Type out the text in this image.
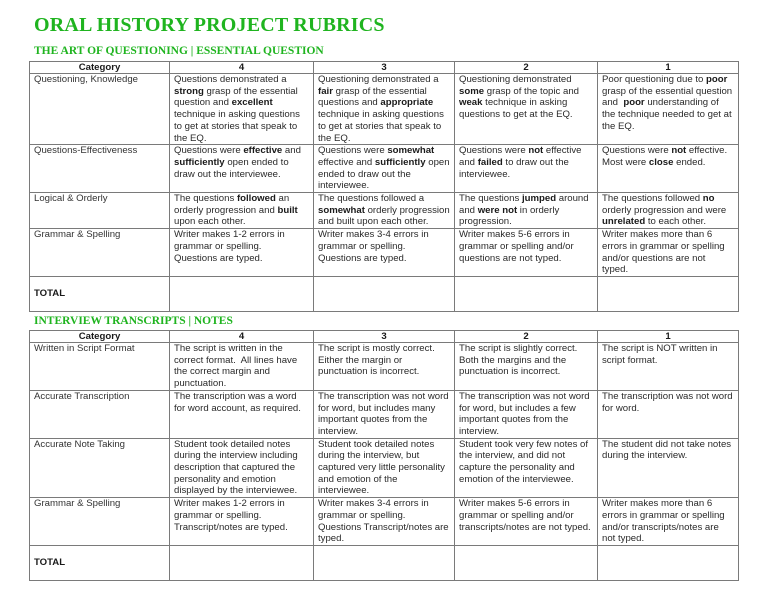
ORAL HISTORY PROJECT RUBRICS
THE ART OF QUESTIONING | ESSENTIAL QUESTION
Category	4	3	2	1
Questioning, Knowledge	Questions demonstrated a strong grasp of the essential question and excellent technique in asking questions to get at stories that speak to the EQ.	Questioning demonstrated a fair grasp of the essential questions and appropriate technique in asking questions to get at stories that speak to the EQ.	Questioning demonstrated some grasp of the topic and weak technique in asking questions to get at the EQ.	Poor questioning due to poor grasp of the essential question and  poor understanding of the technique needed to get at the EQ.
Questions-Effectiveness	Questions were effective and sufficiently open ended to draw out the interviewee.	Questions were somewhat effective and sufficiently open ended to draw out the interviewee.	Questions were not effective and failed to draw out the interviewee.	Questions were not effective. Most were close ended.
Logical & Orderly	The questions followed an orderly progression and built upon each other.	The questions followed a somewhat orderly progression and built upon each other.	The questions jumped around and were not in orderly progression.	The questions followed no orderly progression and were unrelated to each other.
Grammar & Spelling	Writer makes 1-2 errors in grammar or spelling.  Questions are typed.	Writer makes 3-4 errors in grammar or spelling. Questions are typed.	Writer makes 5-6 errors in grammar or spelling and/or questions are not typed.	Writer makes more than 6 errors in grammar or spelling and/or questions are not typed.
TOTAL				
INTERVIEW TRANSCRIPTS | NOTES
Category	4	3	2	1
Written in Script Format	The script is written in the correct format.  All lines have the correct margin and punctuation.	The script is mostly correct. Either the margin or punctuation is incorrect.	The script is slightly correct. Both the margins and the punctuation is incorrect.	The script is NOT written in script format.
Accurate Transcription	The transcription was a word for word account, as required.	The transcription was not word for word, but includes many important quotes from the interview.	The transcription was not word for word, but includes a few important quotes from the interview.	The transcription was not word for word.
Accurate Note Taking	Student took detailed notes during the interview including description that captured the personality and emotion displayed by the interviewee.	Student took detailed notes during the interview, but captured very little personality and emotion of the interviewee.	Student took very few notes of the interview, and did not capture the personality and emotion of the interviewee.	The student did not take notes during the interview.
Grammar & Spelling	Writer makes 1-2 errors in grammar or spelling. Transcript/notes are typed.	Writer makes 3-4 errors in grammar or spelling. Questions Transcript/notes are typed.	Writer makes 5-6 errors in grammar or spelling and/or transcripts/notes are not typed.	Writer makes more than 6 errors in grammar or spelling and/or transcripts/notes are not typed.
TOTAL				
